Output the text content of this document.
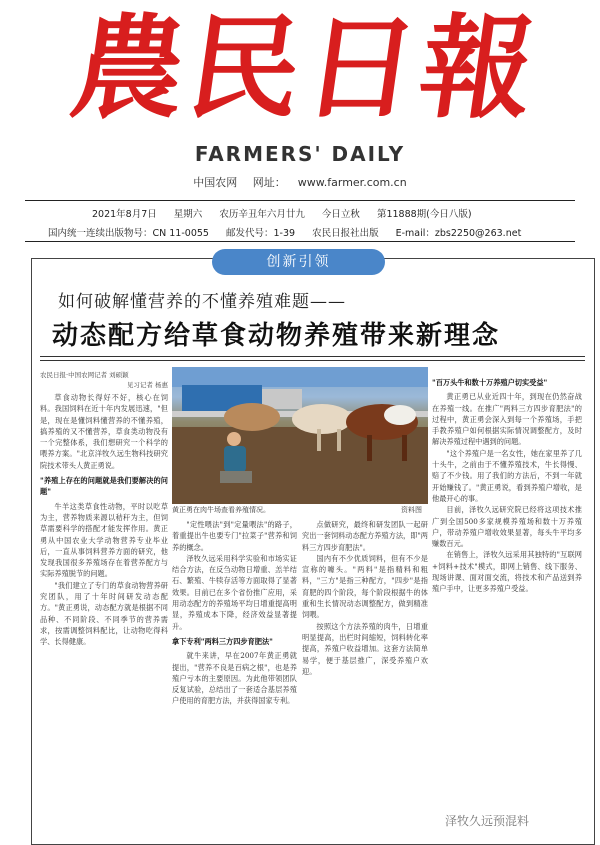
農民日報
FARMERS' DAILY
中国农网 网址： www.farmer.com.cn
2021年8月7日 星期六 农历辛丑年六月廿九 今日立秋 第11888期(今日八版)
国内统一连续出版物号：CN 11-0055 邮发代号：1-39 农民日报社出版 E-mail：zbs2250@263.net
创新引领
如何破解懂营养的不懂养殖难题——
动态配方给草食动物养殖带来新理念
农民日报·中国农网记者 刘硕颖
见习记者 杨惠

草食动物长得好不好，核心在饲料。我国饲料在近十年内发展迅速，"但是，现在是懂饲料懂营养的不懂养殖，搞养殖的又不懂营养，草食类动物没有一个完整体系，我们想研究一个科学的喂养方案。"北京洋牧久远生物科技研究院技术带头人黄正勇说。

"养殖上存在的问题就是我们要解决的问题"

牛羊这类草食性动物，平时以吃草为主，营养物质来源以秸秆为主，但饲草需要科学的搭配才能发挥作用。黄正勇从中国农业大学动物营养专业毕业后，一直从事饲料营养方面的研究，他发现我国很多养殖场存在着营养配方与实际养殖脱节的问题。

"我们建立了专门的草食动物营养研究团队，用了十年时间研发动态配方。"黄正勇说，动态配方就是根据不同品种、不同阶段、不同季节的营养需求，按需调整饲料配比，让动物吃得科学、长得健康。

黄正勇在肉牛场查看养殖情况。	资料图

"定性喂法"到"定量喂法"的路子，着重提出牛也要专门"拉菜子"营养和饲养的概念。

泽牧久远采用科学实验和市场实证结合方法，在反刍动物日增重、羔羊结石、繁殖、牛犊存活等方面取得了显著效果。目前已在多个省份推广应用，采用动态配方的养殖场平均日增重提高明显，养殖成本下降，经济效益显著提升。

拿下专利"两料三方四步育肥法"

就牛来讲，早在2007年黄正勇就提出，"营养不良是百病之根"，也是养殖户亏本的主要原因。为此他带领团队反复试验，总结出了一套适合基层养殖户使用的育肥方法，并获得国家专利。

点做研究，最终和研发团队一起研究出一套饲料动态配方养殖方法，即"两料三方四步育肥法"。

国内有不少优质饲料，但有不少是宣称的噱头。"两料"是指精料和粗料，"三方"是指三种配方，"四步"是指育肥的四个阶段，每个阶段根据牛的体重和生长情况动态调整配方，做到精准饲喂。

按照这个方法养殖的肉牛，日增重明显提高，出栏时间缩短，饲料转化率提高，养殖户收益增加。这套方法简单易学，便于基层推广，深受养殖户欢迎。

"百万头牛和数十万养殖户切实受益"

黄正勇已从业近四十年，到现在仍然奋战在养殖一线。在推广"两料三方四步育肥法"的过程中，黄正勇会深入到每一个养殖场，手把手教养殖户如何根据实际情况调整配方，及时解决养殖过程中遇到的问题。

"这个养殖户是一名女性，她在家里养了几十头牛，之前由于不懂养殖技术，牛长得慢、赔了不少钱。用了我们的方法后，不到一年就开始赚钱了。"黄正勇说，看到养殖户增收，是他最开心的事。

目前，泽牧久远研究院已经将这项技术推广到全国500多家规模养殖场和数十万养殖户，带动养殖户增收效果显著，每头牛平均多赚数百元。

在销售上，泽牧久远采用其独特的"互联网+饲料+技术"模式，即网上销售、线下服务、现场讲课、面对面交流，将技术和产品送到养殖户手中，让更多养殖户受益。

泽牧久远预混料
